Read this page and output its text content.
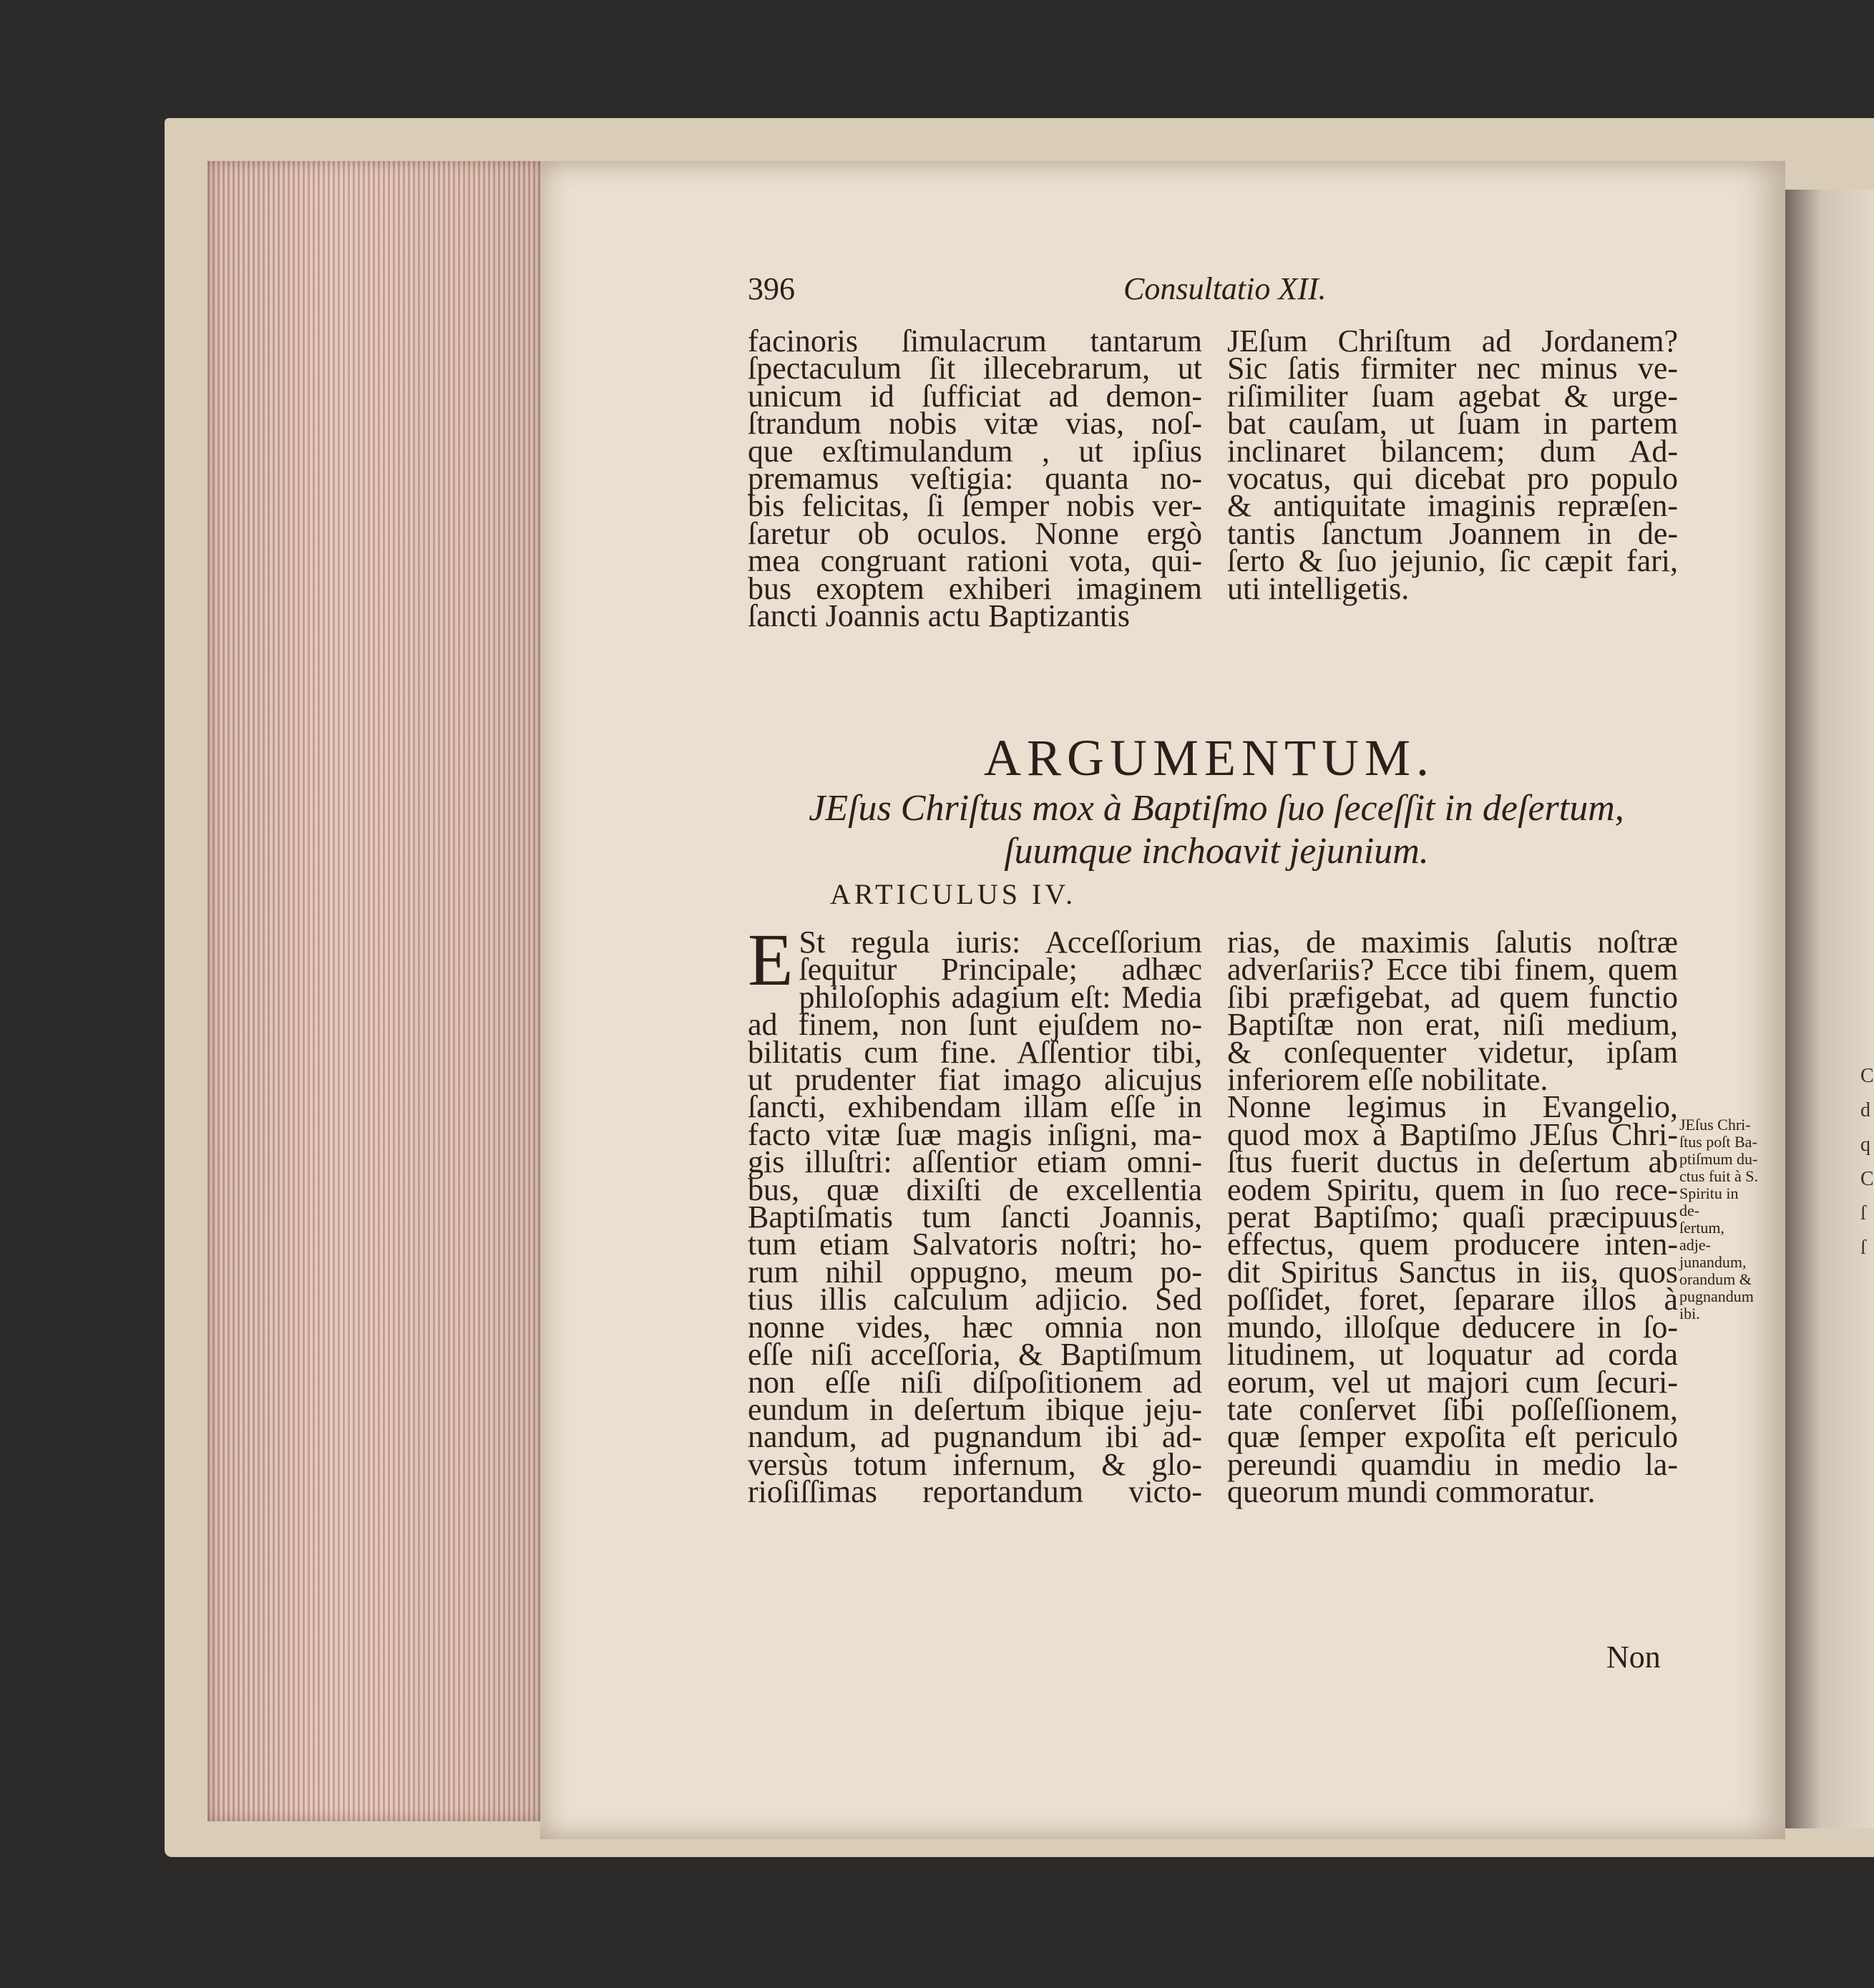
396	Consultatio XII.
facinoris ſimulacrum tantarum
ſpectaculum ſit illecebrarum, ut
unicum id ſufficiat ad demon-
ſtrandum nobis vitæ vias, noſ-
que exſtimulandum , ut ipſius
premamus veſtigia: quanta no-
bis felicitas, ſi ſemper nobis ver-
ſaretur ob oculos. Nonne ergò
mea congruant rationi vota, qui-
bus exoptem exhiberi imaginem
ſancti Joannis actu Baptizantis
JEſum Chriſtum ad Jordanem?
Sic ſatis firmiter nec minus ve-
riſimiliter ſuam agebat & urge-
bat cauſam, ut ſuam in partem
inclinaret bilancem; dum Ad-
vocatus, qui dicebat pro populo
& antiquitate imaginis repræſen-
tantis ſanctum Joannem in de-
ſerto & ſuo jejunio, ſic cæpit fari,
uti intelligetis.
ARGUMENTUM.
JEſus Chriſtus mox à Baptiſmo ſuo ſeceſſit in deſertum,
ſuumque inchoavit jejunium.
ARTICULUS IV.
E St regula iuris: Acceſſorium
ſequitur Principale; adhæc
philoſophis adagium eſt: Media
ad finem, non ſunt ejuſdem no-
bilitatis cum fine. Aſſentior tibi,
ut prudenter fiat imago alicujus
ſancti, exhibendam illam eſſe in
facto vitæ ſuæ magis inſigni, ma-
gis illuſtri: aſſentior etiam omni-
bus, quæ dixiſti de excellentia
Baptiſmatis tum ſancti Joannis,
tum etiam Salvatoris noſtri; ho-
rum nihil oppugno, meum po-
tius illis calculum adjicio. Sed
nonne vides, hæc omnia non
eſſe niſi acceſſoria, & Baptiſmum
non eſſe niſi diſpoſitionem ad
eundum in deſertum ibique jeju-
nandum, ad pugnandum ibi ad-
versùs totum infernum, & glo-
rioſiſſimas reportandum victo-
rias, de maximis ſalutis noſtræ
adverſariis? Ecce tibi finem, quem
ſibi præfigebat, ad quem functio
Baptiſtæ non erat, niſi medium,
& conſequenter videtur, ipſam
inferiorem eſſe nobilitate.
Nonne legimus in Evangelio,
quod mox à Baptiſmo JEſus Chri-
ſtus fuerit ductus in deſertum ab
eodem Spiritu, quem in ſuo rece-
perat Baptiſmo; quaſi præcipuus
effectus, quem producere inten-
dit Spiritus Sanctus in iis, quos
poſſidet, foret, ſeparare illos à
mundo, illoſque deducere in ſo-
litudinem, ut loquatur ad corda
eorum, vel ut majori cum ſecuri-
tate conſervet ſibi poſſeſſionem,
quæ ſemper expoſita eſt periculo
pereundi quamdiu in medio la-
queorum mundi commoratur.
JEſus Chri-
ſtus poſt Ba-
ptiſmum du-
ctus fuit à S.
Spiritu in de-
ſertum, adje-
junandum,
orandum &
pugnandum
ibi.
Non
C
d
q
C
ſ
ſ
